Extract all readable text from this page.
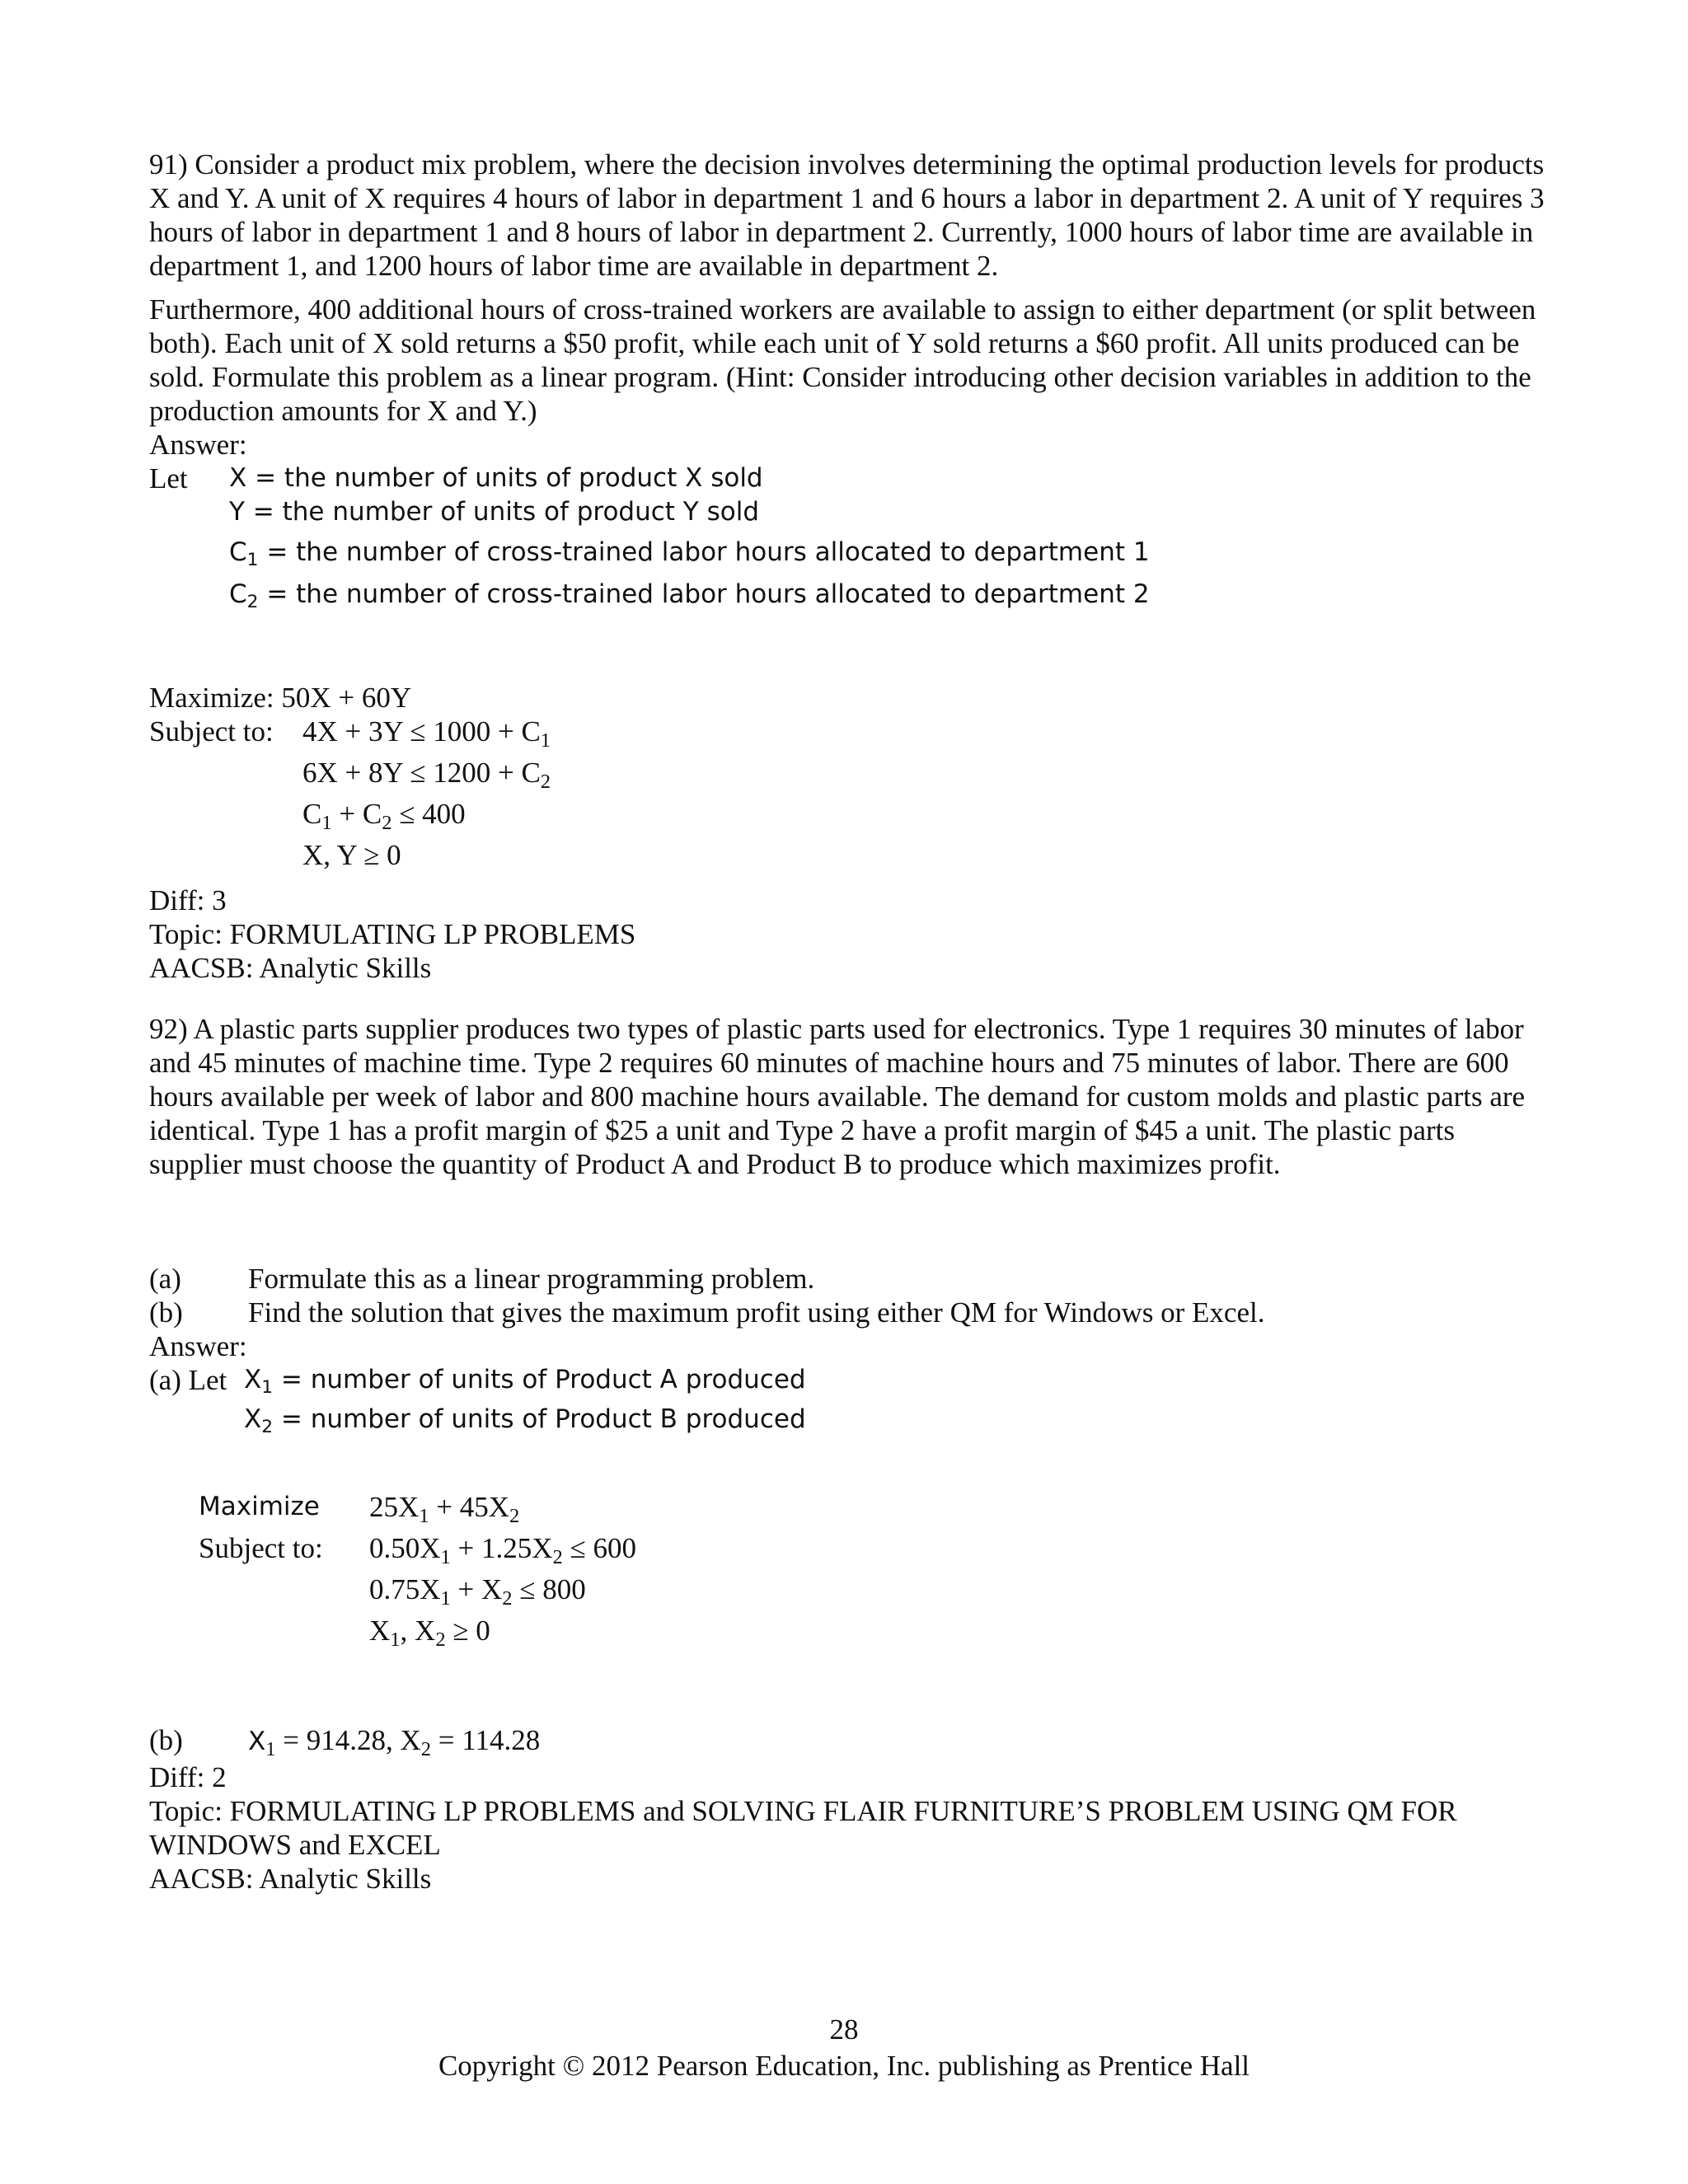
91) Consider a product mix problem, where the decision involves determining the optimal production levels for products X and Y. A unit of X requires 4 hours of labor in department 1 and 6 hours a labor in department 2. A unit of Y requires 3 hours of labor in department 1 and 8 hours of labor in department 2. Currently, 1000 hours of labor time are available in department 1, and 1200 hours of labor time are available in department 2.

Furthermore, 400 additional hours of cross-trained workers are available to assign to either department (or split between both). Each unit of X sold returns a $50 profit, while each unit of Y sold returns a $60 profit. All units produced can be sold. Formulate this problem as a linear program. (Hint: Consider introducing other decision variables in addition to the production amounts for X and Y.)

Answer:

Let	X = the number of units of product X sold
Y = the number of units of product Y sold
$C_1$ = the number of cross-trained labor hours allocated to department 1
$C_2$ = the number of cross-trained labor hours allocated to department 2

Maximize: 50X + 60Y

Subject to:	$4X + 3Y \le 1000 + C_1$
$6X + 8Y \le 1200 + C_2$
$C_1 + C_2 \le 400$
X, Y ≥ 0

Diff: 3

Topic: FORMULATING LP PROBLEMS

AACSB: Analytic Skills

92) A plastic parts supplier produces two types of plastic parts used for electronics. Type 1 requires 30 minutes of labor and 45 minutes of machine time. Type 2 requires 60 minutes of machine hours and 75 minutes of labor. There are 600 hours available per week of labor and 800 machine hours available. The demand for custom molds and plastic parts are identical. Type 1 has a profit margin of $25 a unit and Type 2 have a profit margin of $45 a unit. The plastic parts supplier must choose the quantity of Product A and Product B to produce which maximizes profit.

(a)	Formulate this as a linear programming problem.
(b)	Find the solution that gives the maximum profit using either QM for Windows or Excel.

Answer:

(a) Let $X_1$ = number of units of Product A produced
$X_2$ = number of units of Product B produced
Maximize	$25X_1 + 45X_2$
Subject to:	$0.50X_1 + 1.25X_2 \le 600$
$0.75X_1 + X_2 \le 800$
$X_1$, $X_2 \ge 0$
(b)	$X_1 = 914.28$, $X_2 = 114.28$

Diff: 2

Topic: FORMULATING LP PROBLEMS and SOLVING FLAIR FURNITURE’S PROBLEM USING QM FOR WINDOWS and EXCEL

AACSB: Analytic Skills

28
Copyright © 2012 Pearson Education, Inc. publishing as Prentice Hall
